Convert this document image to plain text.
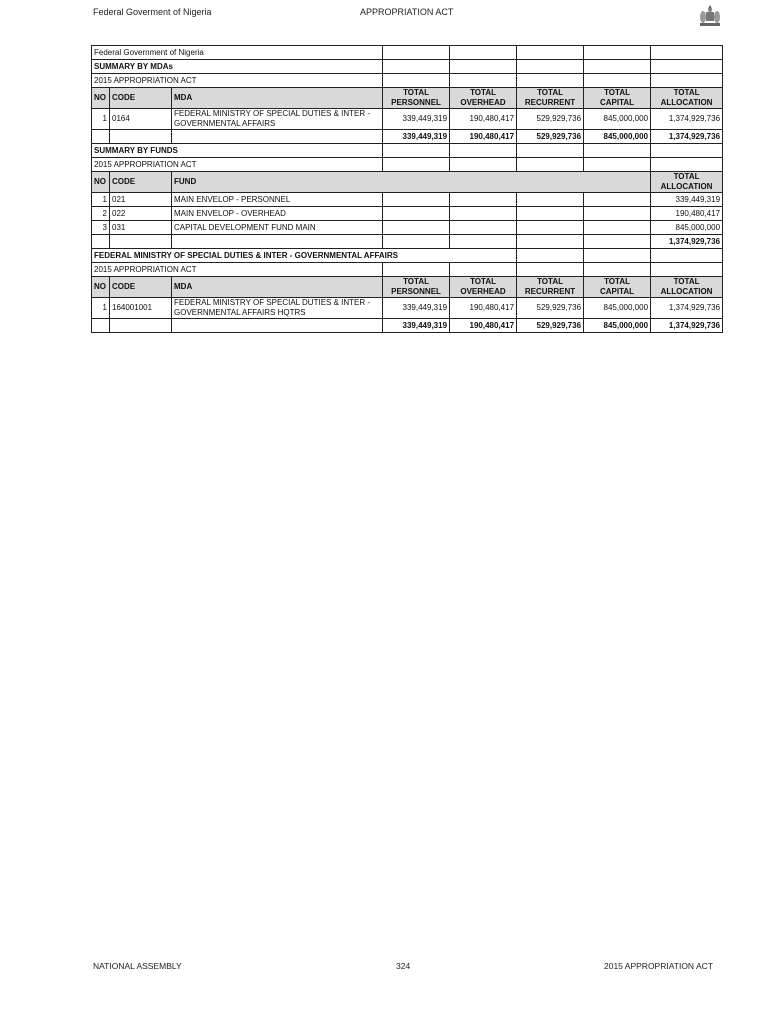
Federal Goverment of Nigeria	APPROPRIATION ACT
Federal Government of Nigeria							
SUMMARY BY MDAs							
2015 APPROPRIATION ACT							
NO	CODE	MDA	TOTAL PERSONNEL	TOTAL OVERHEAD	TOTAL RECURRENT	TOTAL CAPITAL	TOTAL ALLOCATION
1	0164	FEDERAL MINISTRY OF SPECIAL DUTIES & INTER - GOVERNMENTAL AFFAIRS	339,449,319	190,480,417	529,929,736	845,000,000	1,374,929,736
			339,449,319	190,480,417	529,929,736	845,000,000	1,374,929,736
SUMMARY BY FUNDS							
2015 APPROPRIATION ACT							
NO	CODE	FUND					TOTAL ALLOCATION
1	021	MAIN ENVELOP - PERSONNEL					339,449,319
2	022	MAIN ENVELOP - OVERHEAD					190,480,417
3	031	CAPITAL DEVELOPMENT FUND MAIN					845,000,000
							1,374,929,736
FEDERAL MINISTRY OF SPECIAL DUTIES & INTER - GOVERNMENTAL AFFAIRS							
2015 APPROPRIATION ACT							
NO	CODE	MDA	TOTAL PERSONNEL	TOTAL OVERHEAD	TOTAL RECURRENT	TOTAL CAPITAL	TOTAL ALLOCATION
1	164001001	FEDERAL MINISTRY OF SPECIAL DUTIES & INTER - GOVERNMENTAL AFFAIRS HQTRS	339,449,319	190,480,417	529,929,736	845,000,000	1,374,929,736
			339,449,319	190,480,417	529,929,736	845,000,000	1,374,929,736
NATIONAL ASSEMBLY	324	2015 APPROPRIATION ACT
